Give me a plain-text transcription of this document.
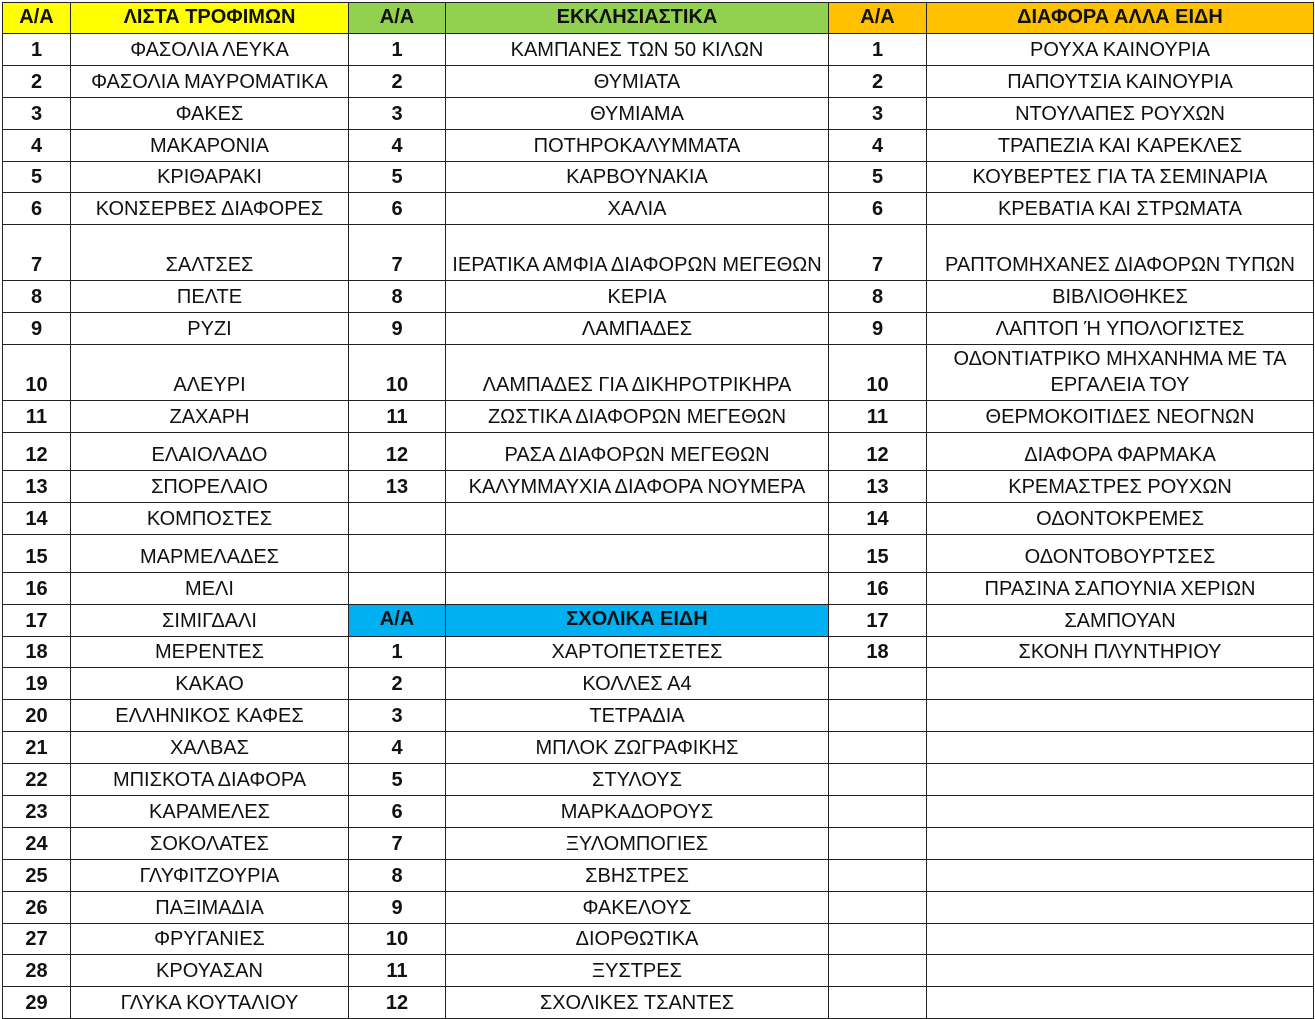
Α/Α	ΛΙΣΤΑ ΤΡΟΦΙΜΩΝ	Α/Α	ΕΚΚΛΗΣΙΑΣΤΙΚΑ	Α/Α	ΔΙΑΦΟΡΑ ΑΛΛΑ ΕΙΔΗ
1	ΦΑΣΟΛΙΑ ΛΕΥΚΑ	1	ΚΑΜΠΑΝΕΣ ΤΩΝ 50 ΚΙΛΩΝ	1	ΡΟΥΧΑ ΚΑΙΝΟΥΡΙΑ
2	ΦΑΣΟΛΙΑ ΜΑΥΡΟΜΑΤΙΚΑ	2	ΘΥΜΙΑΤΑ	2	ΠΑΠΟΥΤΣΙΑ ΚΑΙΝΟΥΡΙΑ
3	ΦΑΚΕΣ	3	ΘΥΜΙΑΜΑ	3	ΝΤΟΥΛΑΠΕΣ ΡΟΥΧΩΝ
4	ΜΑΚΑΡΟΝΙΑ	4	ΠΟΤΗΡΟΚΑΛΥΜΜΑΤΑ	4	ΤΡΑΠΕΖΙΑ ΚΑΙ ΚΑΡΕΚΛΕΣ
5	ΚΡΙΘΑΡΑΚΙ	5	ΚΑΡΒΟΥΝΑΚΙΑ	5	ΚΟΥΒΕΡΤΕΣ ΓΙΑ ΤΑ ΣΕΜΙΝΑΡΙΑ
6	ΚΟΝΣΕΡΒΕΣ ΔΙΑΦΟΡΕΣ	6	ΧΑΛΙΑ	6	ΚΡΕΒΑΤΙΑ ΚΑΙ ΣΤΡΩΜΑΤΑ
7	ΣΑΛΤΣΕΣ	7	ΙΕΡΑΤΙΚΑ ΑΜΦΙΑ ΔΙΑΦΟΡΩΝ ΜΕΓΕΘΩΝ	7	ΡΑΠΤΟΜΗΧΑΝΕΣ ΔΙΑΦΟΡΩΝ ΤΥΠΩΝ
8	ΠΕΛΤΕ	8	ΚΕΡΙΑ	8	ΒΙΒΛΙΟΘΗΚΕΣ
9	ΡΥΖΙ	9	ΛΑΜΠΑΔΕΣ	9	ΛΑΠΤΟΠ Ή ΥΠΟΛΟΓΙΣΤΕΣ
10	ΑΛΕΥΡΙ	10	ΛΑΜΠΑΔΕΣ ΓΙΑ ΔΙΚΗΡΟΤΡΙΚΗΡΑ	10	ΟΔΟΝΤΙΑΤΡΙΚΟ ΜΗΧΑΝΗΜΑ ΜΕ ΤΑ ΕΡΓΑΛΕΙΑ ΤΟΥ
11	ΖΑΧΑΡΗ	11	ΖΩΣΤΙΚΑ ΔΙΑΦΟΡΩΝ ΜΕΓΕΘΩΝ	11	ΘΕΡΜΟΚΟΙΤΙΔΕΣ ΝΕΟΓΝΩΝ
12	ΕΛΑΙΟΛΑΔΟ	12	ΡΑΣΑ ΔΙΑΦΟΡΩΝ ΜΕΓΕΘΩΝ	12	ΔΙΑΦΟΡΑ ΦΑΡΜΑΚΑ
13	ΣΠΟΡΕΛΑΙΟ	13	ΚΑΛΥΜΜΑΥΧΙΑ ΔΙΑΦΟΡΑ ΝΟΥΜΕΡΑ	13	ΚΡΕΜΑΣΤΡΕΣ ΡΟΥΧΩΝ
14	ΚΟΜΠΟΣΤΕΣ			14	ΟΔΟΝΤΟΚΡΕΜΕΣ
15	ΜΑΡΜΕΛΑΔΕΣ			15	ΟΔΟΝΤΟΒΟΥΡΤΣΕΣ
16	ΜΕΛΙ			16	ΠΡΑΣΙΝΑ ΣΑΠΟΥΝΙΑ ΧΕΡΙΩΝ
17	ΣΙΜΙΓΔΑΛΙ	Α/Α	ΣΧΟΛΙΚΑ ΕΙΔΗ	17	ΣΑΜΠΟΥΑΝ
18	ΜΕΡΕΝΤΕΣ	1	ΧΑΡΤΟΠΕΤΣΕΤΕΣ	18	ΣΚΟΝΗ ΠΛΥΝΤΗΡΙΟΥ
19	ΚΑΚΑΟ	2	ΚΟΛΛΕΣ Α4		
20	ΕΛΛΗΝΙΚΟΣ ΚΑΦΕΣ	3	ΤΕΤΡΑΔΙΑ		
21	ΧΑΛΒΑΣ	4	ΜΠΛΟΚ ΖΩΓΡΑΦΙΚΗΣ		
22	ΜΠΙΣΚΟΤΑ ΔΙΑΦΟΡΑ	5	ΣΤΥΛΟΥΣ		
23	ΚΑΡΑΜΕΛΕΣ	6	ΜΑΡΚΑΔΟΡΟΥΣ		
24	ΣΟΚΟΛΑΤΕΣ	7	ΞΥΛΟΜΠΟΓΙΕΣ		
25	ΓΛΥΦΙΤΖΟΥΡΙΑ	8	ΣΒΗΣΤΡΕΣ		
26	ΠΑΞΙΜΑΔΙΑ	9	ΦΑΚΕΛΟΥΣ		
27	ΦΡΥΓΑΝΙΕΣ	10	ΔΙΟΡΘΩΤΙΚΑ		
28	ΚΡΟΥΑΣΑΝ	11	ΞΥΣΤΡΕΣ		
29	ΓΛΥΚΑ ΚΟΥΤΑΛΙΟΥ	12	ΣΧΟΛΙΚΕΣ ΤΣΑΝΤΕΣ		
